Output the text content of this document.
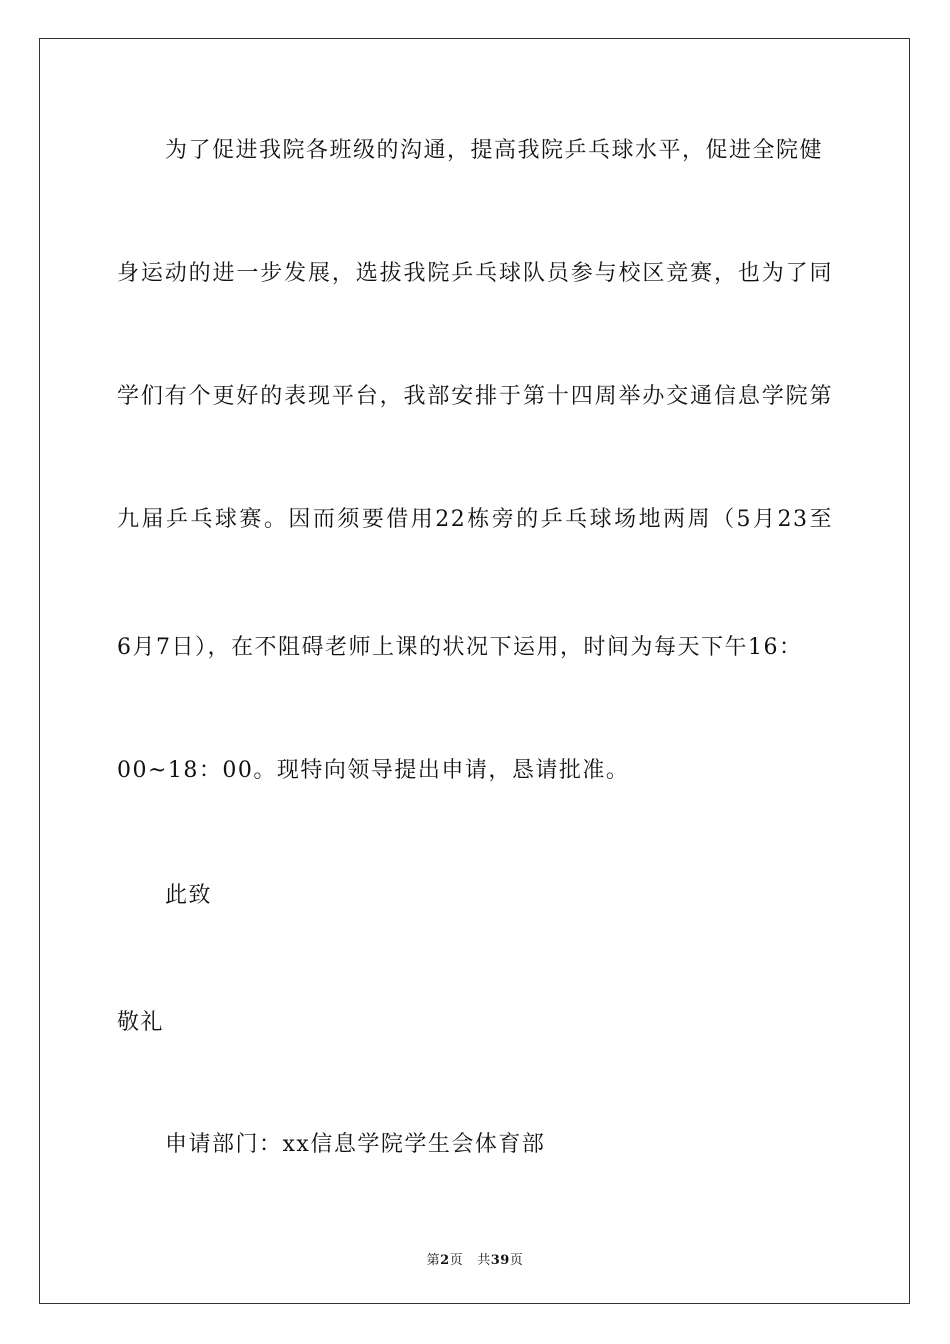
为了促进我院各班级的沟通，提高我院乒乓球水平，促进全院健
身运动的进一步发展，选拔我院乒乓球队员参与校区竞赛，也为了同
学们有个更好的表现平台，我部安排于第十四周举办交通信息学院第
九届乒乓球赛。因而须要借用22栋旁的乒乓球场地两周（5月23至
6月7日），在不阻碍老师上课的状况下运用，时间为每天下午16：
00~18：00。现特向领导提出申请，恳请批准。
此致
敬礼
申请部门：xx信息学院学生会体育部
第2页 共39页
